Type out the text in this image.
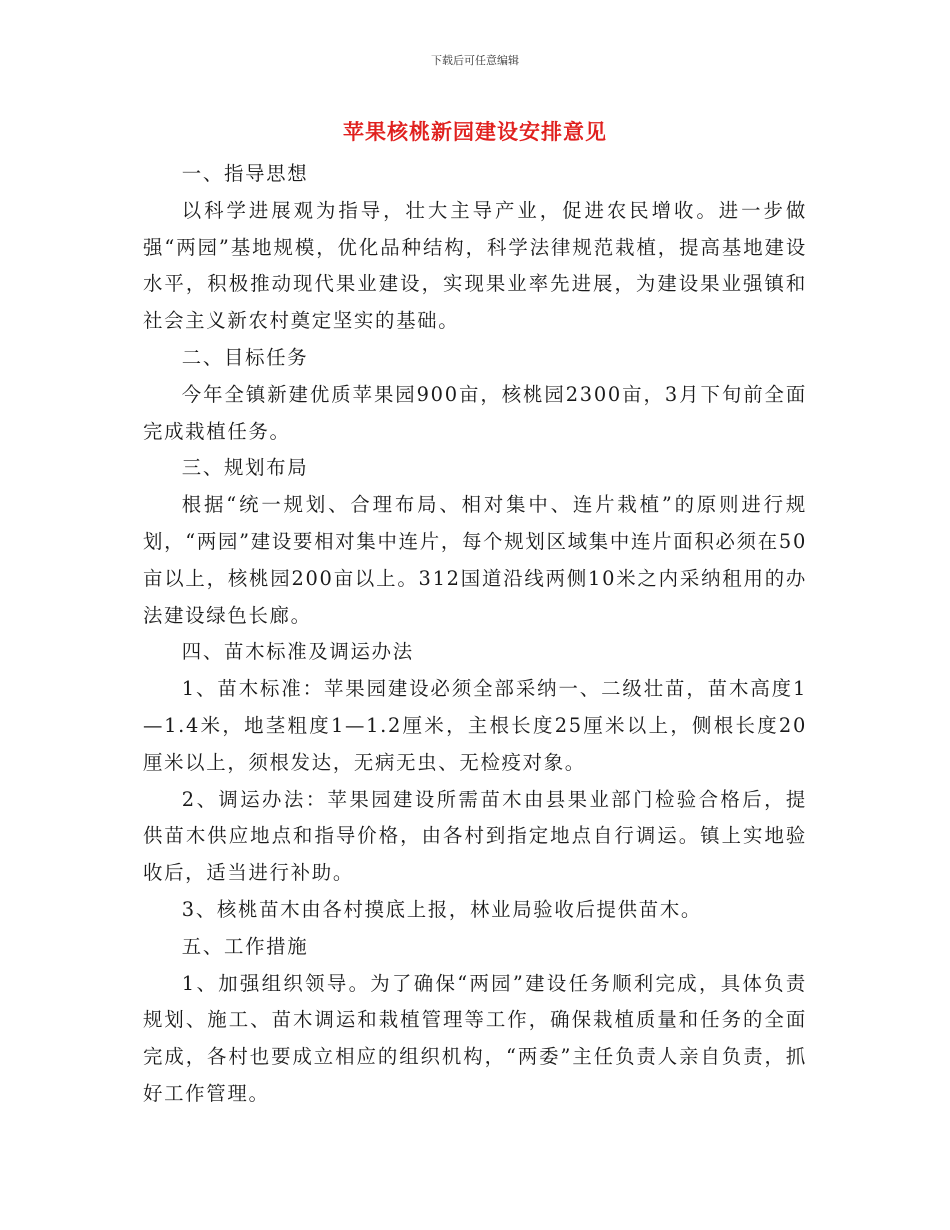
下载后可任意编辑
苹果核桃新园建设安排意见

一、指导思想

以科学进展观为指导，壮大主导产业，促进农民增收。进一步做强“两园”基地规模，优化品种结构，科学法律规范栽植，提高基地建设水平，积极推动现代果业建设，实现果业率先进展，为建设果业强镇和社会主义新农村奠定坚实的基础。

二、目标任务

今年全镇新建优质苹果园900亩，核桃园2300亩，3月下旬前全面完成栽植任务。

三、规划布局

根据“统一规划、合理布局、相对集中、连片栽植”的原则进行规划，“两园”建设要相对集中连片，每个规划区域集中连片面积必须在50亩以上，核桃园200亩以上。312国道沿线两侧10米之内采纳租用的办法建设绿色长廊。

四、苗木标准及调运办法

1、苗木标准：苹果园建设必须全部采纳一、二级壮苗，苗木高度1—1.4米，地茎粗度1—1.2厘米，主根长度25厘米以上，侧根长度20厘米以上，须根发达，无病无虫、无检疫对象。

2、调运办法：苹果园建设所需苗木由县果业部门检验合格后，提供苗木供应地点和指导价格，由各村到指定地点自行调运。镇上实地验收后，适当进行补助。

3、核桃苗木由各村摸底上报，林业局验收后提供苗木。

五、工作措施

1、加强组织领导。为了确保“两园”建设任务顺利完成，具体负责规划、施工、苗木调运和栽植管理等工作，确保栽植质量和任务的全面完成，各村也要成立相应的组织机构，“两委”主任负责人亲自负责，抓好工作管理。
